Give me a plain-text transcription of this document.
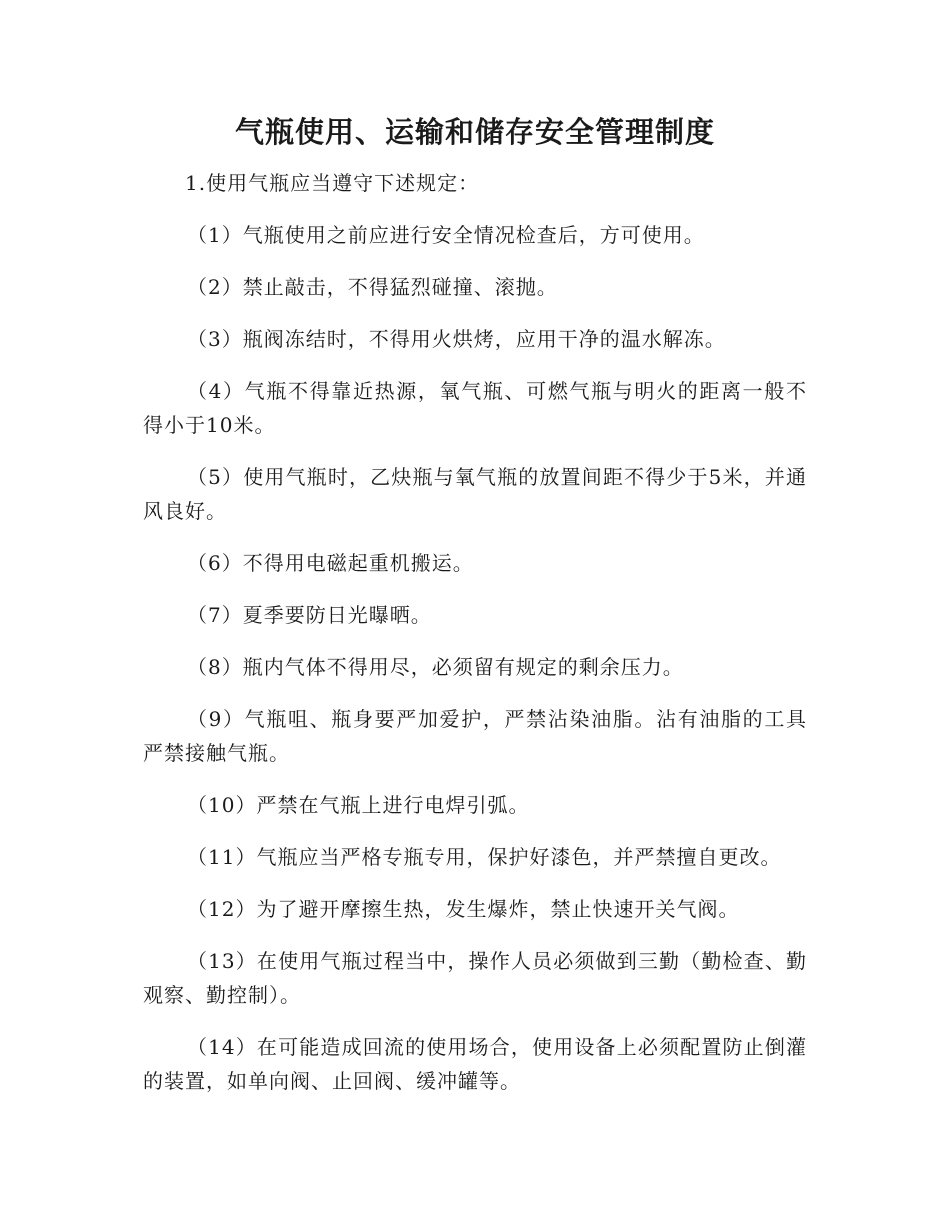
气瓶使用、运输和储存安全管理制度

1.使用气瓶应当遵守下述规定：

（1）气瓶使用之前应进行安全情况检查后，方可使用。

（2）禁止敲击，不得猛烈碰撞、滚抛。

（3）瓶阀冻结时，不得用火烘烤，应用干净的温水解冻。

（4）气瓶不得靠近热源，氧气瓶、可燃气瓶与明火的距离一般不得小于10米。

（5）使用气瓶时，乙炔瓶与氧气瓶的放置间距不得少于5米，并通风良好。

（6）不得用电磁起重机搬运。

（7）夏季要防日光曝晒。

（8）瓶内气体不得用尽，必须留有规定的剩余压力。

（9）气瓶咀、瓶身要严加爱护，严禁沾染油脂。沾有油脂的工具严禁接触气瓶。

（10）严禁在气瓶上进行电焊引弧。

（11）气瓶应当严格专瓶专用，保护好漆色，并严禁擅自更改。

（12）为了避开摩擦生热，发生爆炸，禁止快速开关气阀。

（13）在使用气瓶过程当中，操作人员必须做到三勤（勤检查、勤观察、勤控制）。

（14）在可能造成回流的使用场合，使用设备上必须配置防止倒灌的装置，如单向阀、止回阀、缓冲罐等。
